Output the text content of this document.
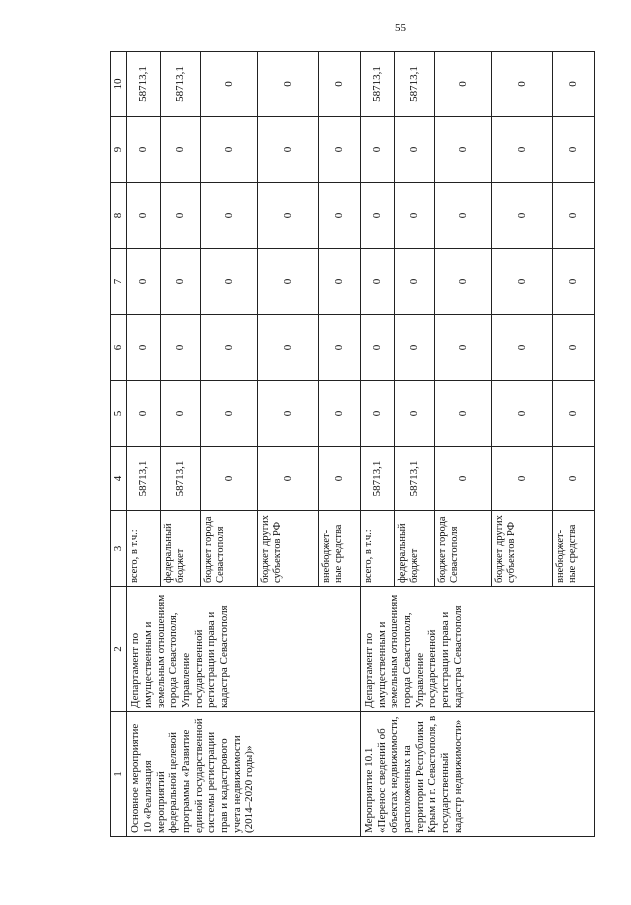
55
1	2	3	4	5	6	7	8	9	10
Основное мероприятие 10 «Реализация мероприятий федеральной целевой программы «Развитие единой государственной системы регистрации прав и кадастрового учета недвижимости (2014–2020 годы)»	Департамент по имущественным и земельным отношениям города Севастополя, Управление государственной регистрации права и кадастра Севастополя	всего, в т.ч.:	58713,1	0	0	0	0	0	58713,1
		федеральный бюджет	58713,1	0	0	0	0	0	58713,1
		бюджет города Севастополя	0	0	0	0	0	0	0
		бюджет других субъектов РФ	0	0	0	0	0	0	0
		внебюджет-ные средства	0	0	0	0	0	0	0
Мероприятие 10.1 «Перенос сведений об объектах недвижимости, расположенных на территории Республики Крым и г. Севастополя, в государственный кадастр недвижимости»	Департамент по имущественным и земельным отношениям города Севастополя, Управление государственной регистрации права и кадастра Севастополя	всего, в т.ч.:	58713,1	0	0	0	0	0	58713,1
		федеральный бюджет	58713,1	0	0	0	0	0	58713,1
		бюджет города Севастополя	0	0	0	0	0	0	0
		бюджет других субъектов РФ	0	0	0	0	0	0	0
		внебюджет-ные средства	0	0	0	0	0	0	0
